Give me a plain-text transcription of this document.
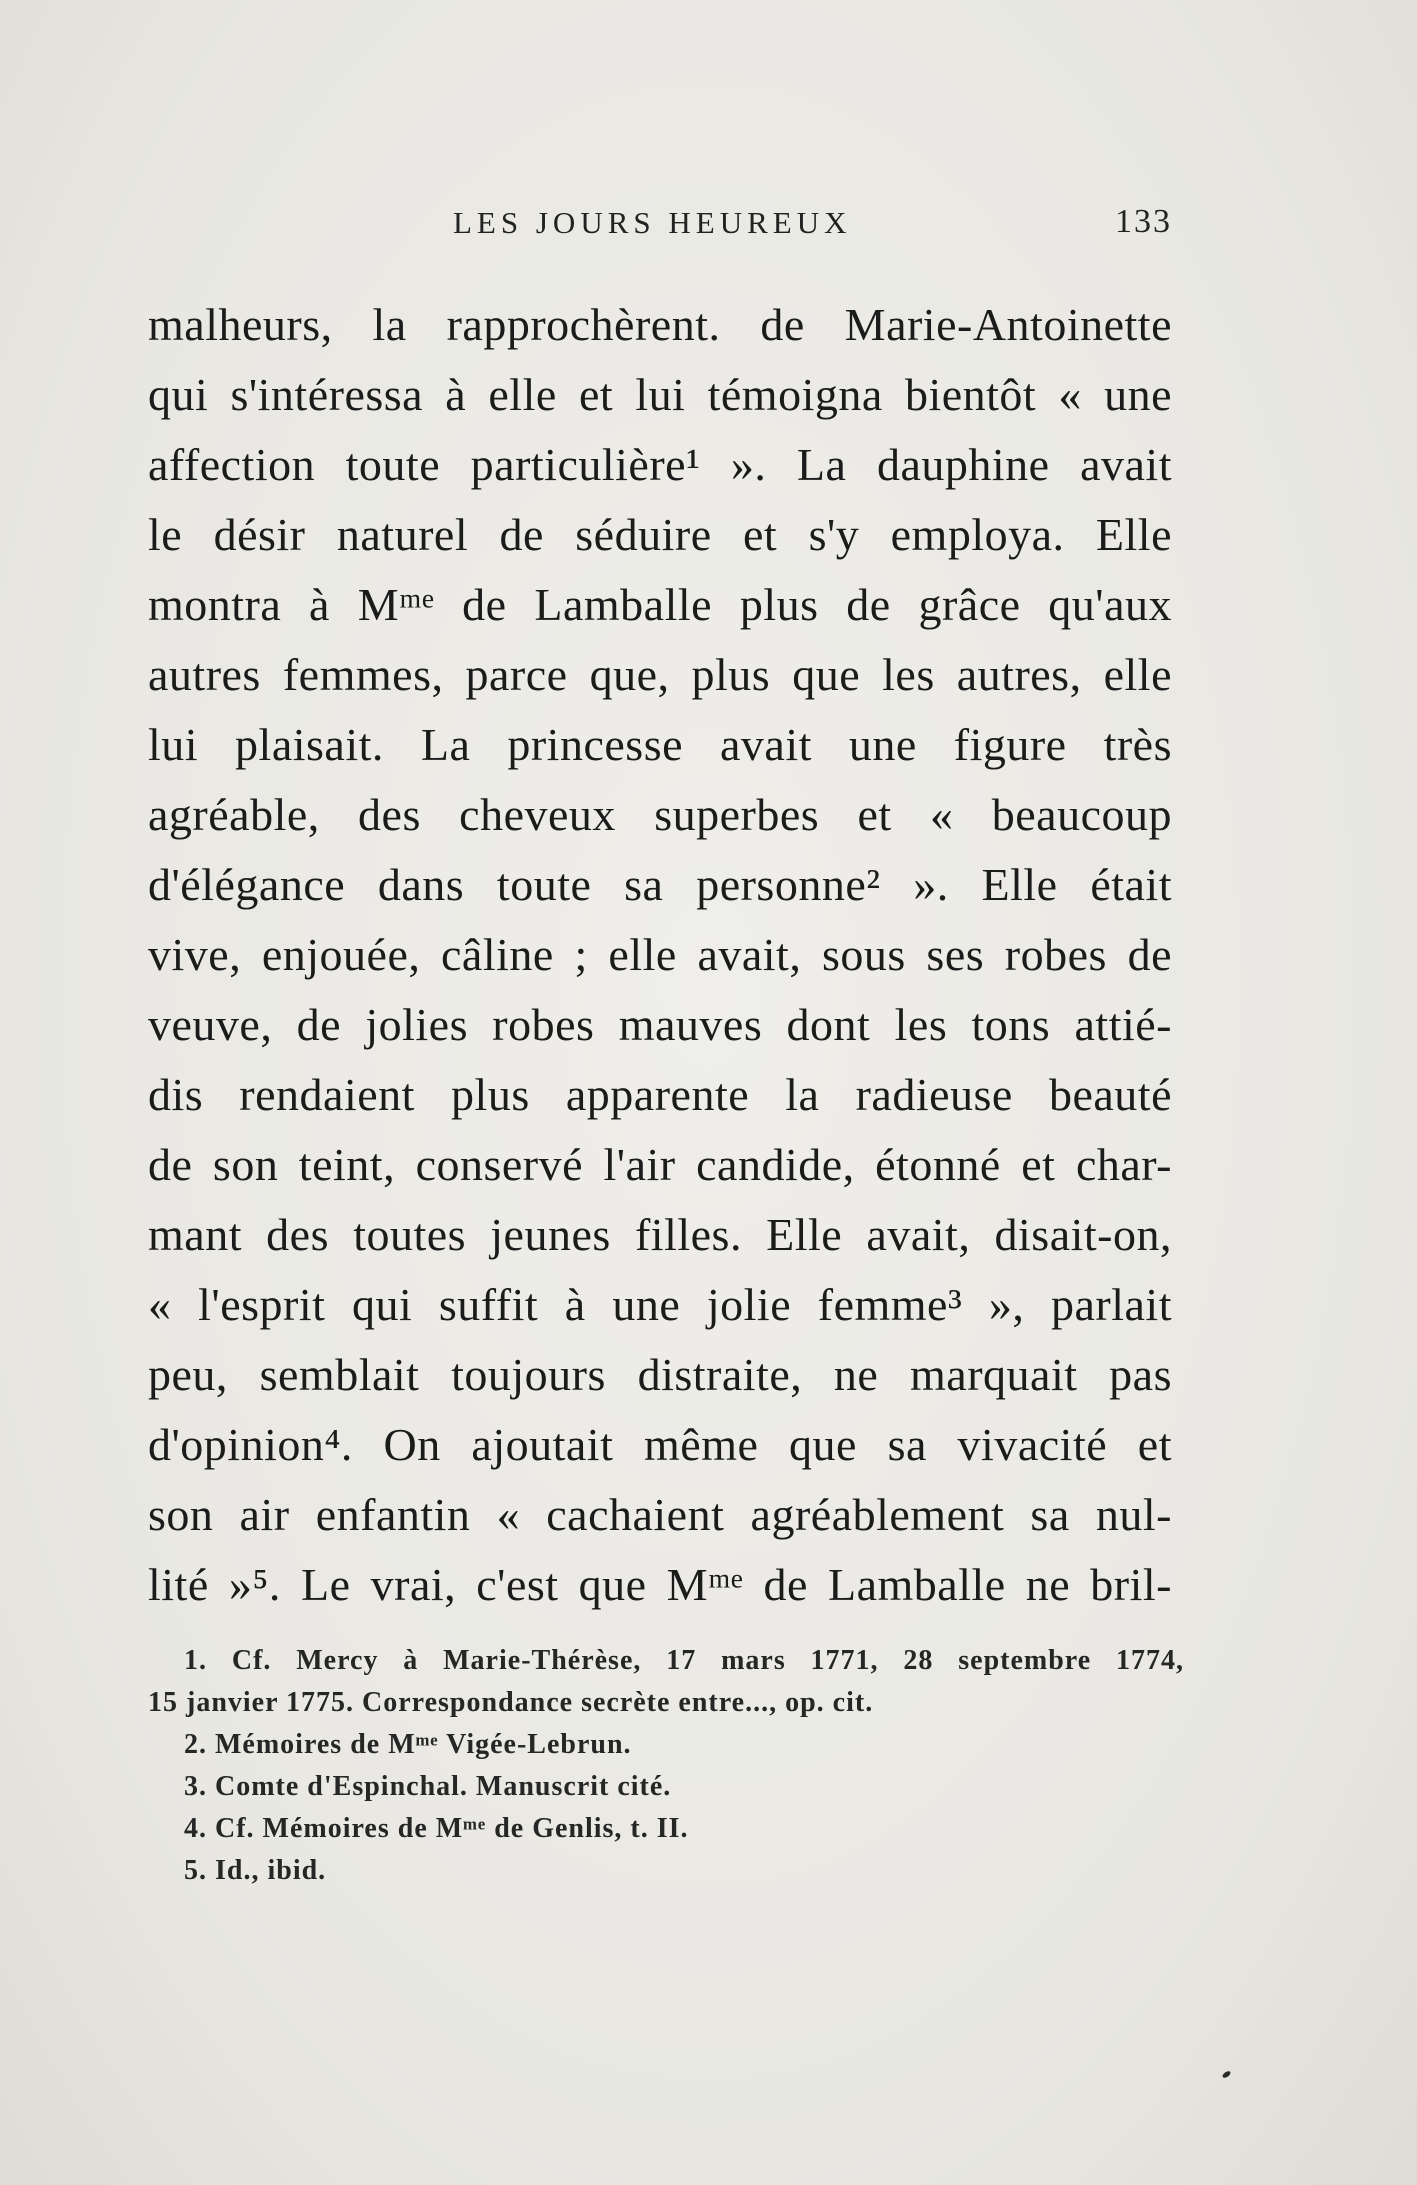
LES JOURS HEUREUX	133
malheurs, la rapprochèrent. de Marie-Antoinette
qui s'intéressa à elle et lui témoigna bientôt « une
affection toute particulière¹ ». La dauphine avait
le désir naturel de séduire et s'y employa. Elle
montra à Mᵐᵉ de Lamballe plus de grâce qu'aux
autres femmes, parce que, plus que les autres, elle
lui plaisait. La princesse avait une figure très
agréable, des cheveux superbes et « beaucoup
d'élégance dans toute sa personne² ». Elle était
vive, enjouée, câline ; elle avait, sous ses robes de
veuve, de jolies robes mauves dont les tons attié-
dis rendaient plus apparente la radieuse beauté
de son teint, conservé l'air candide, étonné et char-
mant des toutes jeunes filles. Elle avait, disait-on,
« l'esprit qui suffit à une jolie femme³ », parlait
peu, semblait toujours distraite, ne marquait pas
d'opinion⁴. On ajoutait même que sa vivacité et
son air enfantin « cachaient agréablement sa nul-
lité »⁵. Le vrai, c'est que Mᵐᵉ de Lamballe ne bril-
1. Cf. Mercy à Marie-Thérèse, 17 mars 1771, 28 septembre 1774,
15 janvier 1775. Correspondance secrète entre..., op. cit.
2. Mémoires de Mᵐᵉ Vigée-Lebrun.
3. Comte d'Espinchal. Manuscrit cité.
4. Cf. Mémoires de Mᵐᵉ de Genlis, t. II.
5. Id., ibid.
